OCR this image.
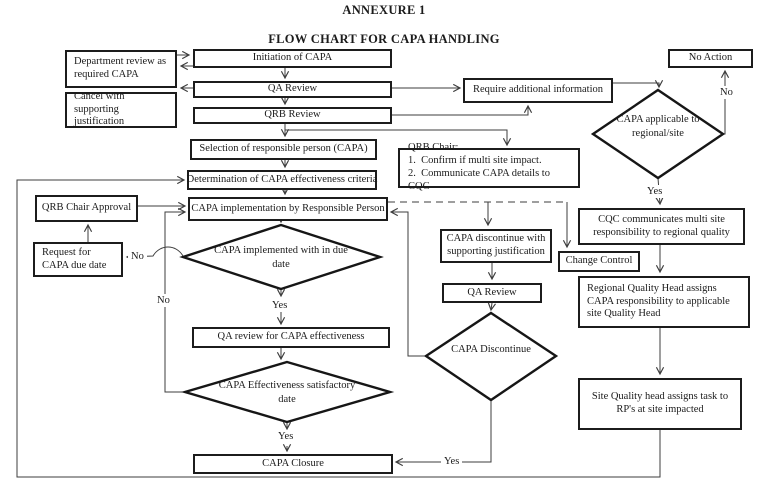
ANNEXURE 1
FLOW CHART FOR CAPA HANDLING
Department review as required CAPA
Initiation of CAPA
QA Review
Cancel with supporting justification
QRB Review
Require additional information
No Action
Selection of responsible person (CAPA)	QRB Chair:
1.  Confirm if multi site impact.
2.  Communicate CAPA details to CQC
Determination of CAPA effectiveness criteria
CAPA implementation by Responsible Person
QRB Chair Approval
Request for CAPA due date
CAPA discontinue with supporting justification
Change Control
CQC communicates multi site responsibility to regional quality
QA Review	Regional Quality Head assigns CAPA responsibility to applicable site Quality Head
QA review for CAPA effectiveness
Site Quality head assigns task to RP's at site impacted
CAPA Closure
CAPA applicable to regional/site
CAPA implemented with in due date
CAPA Discontinue
CAPA Effectiveness satisfactory date
No
Yes
No
No	Yes
Yes
Yes
